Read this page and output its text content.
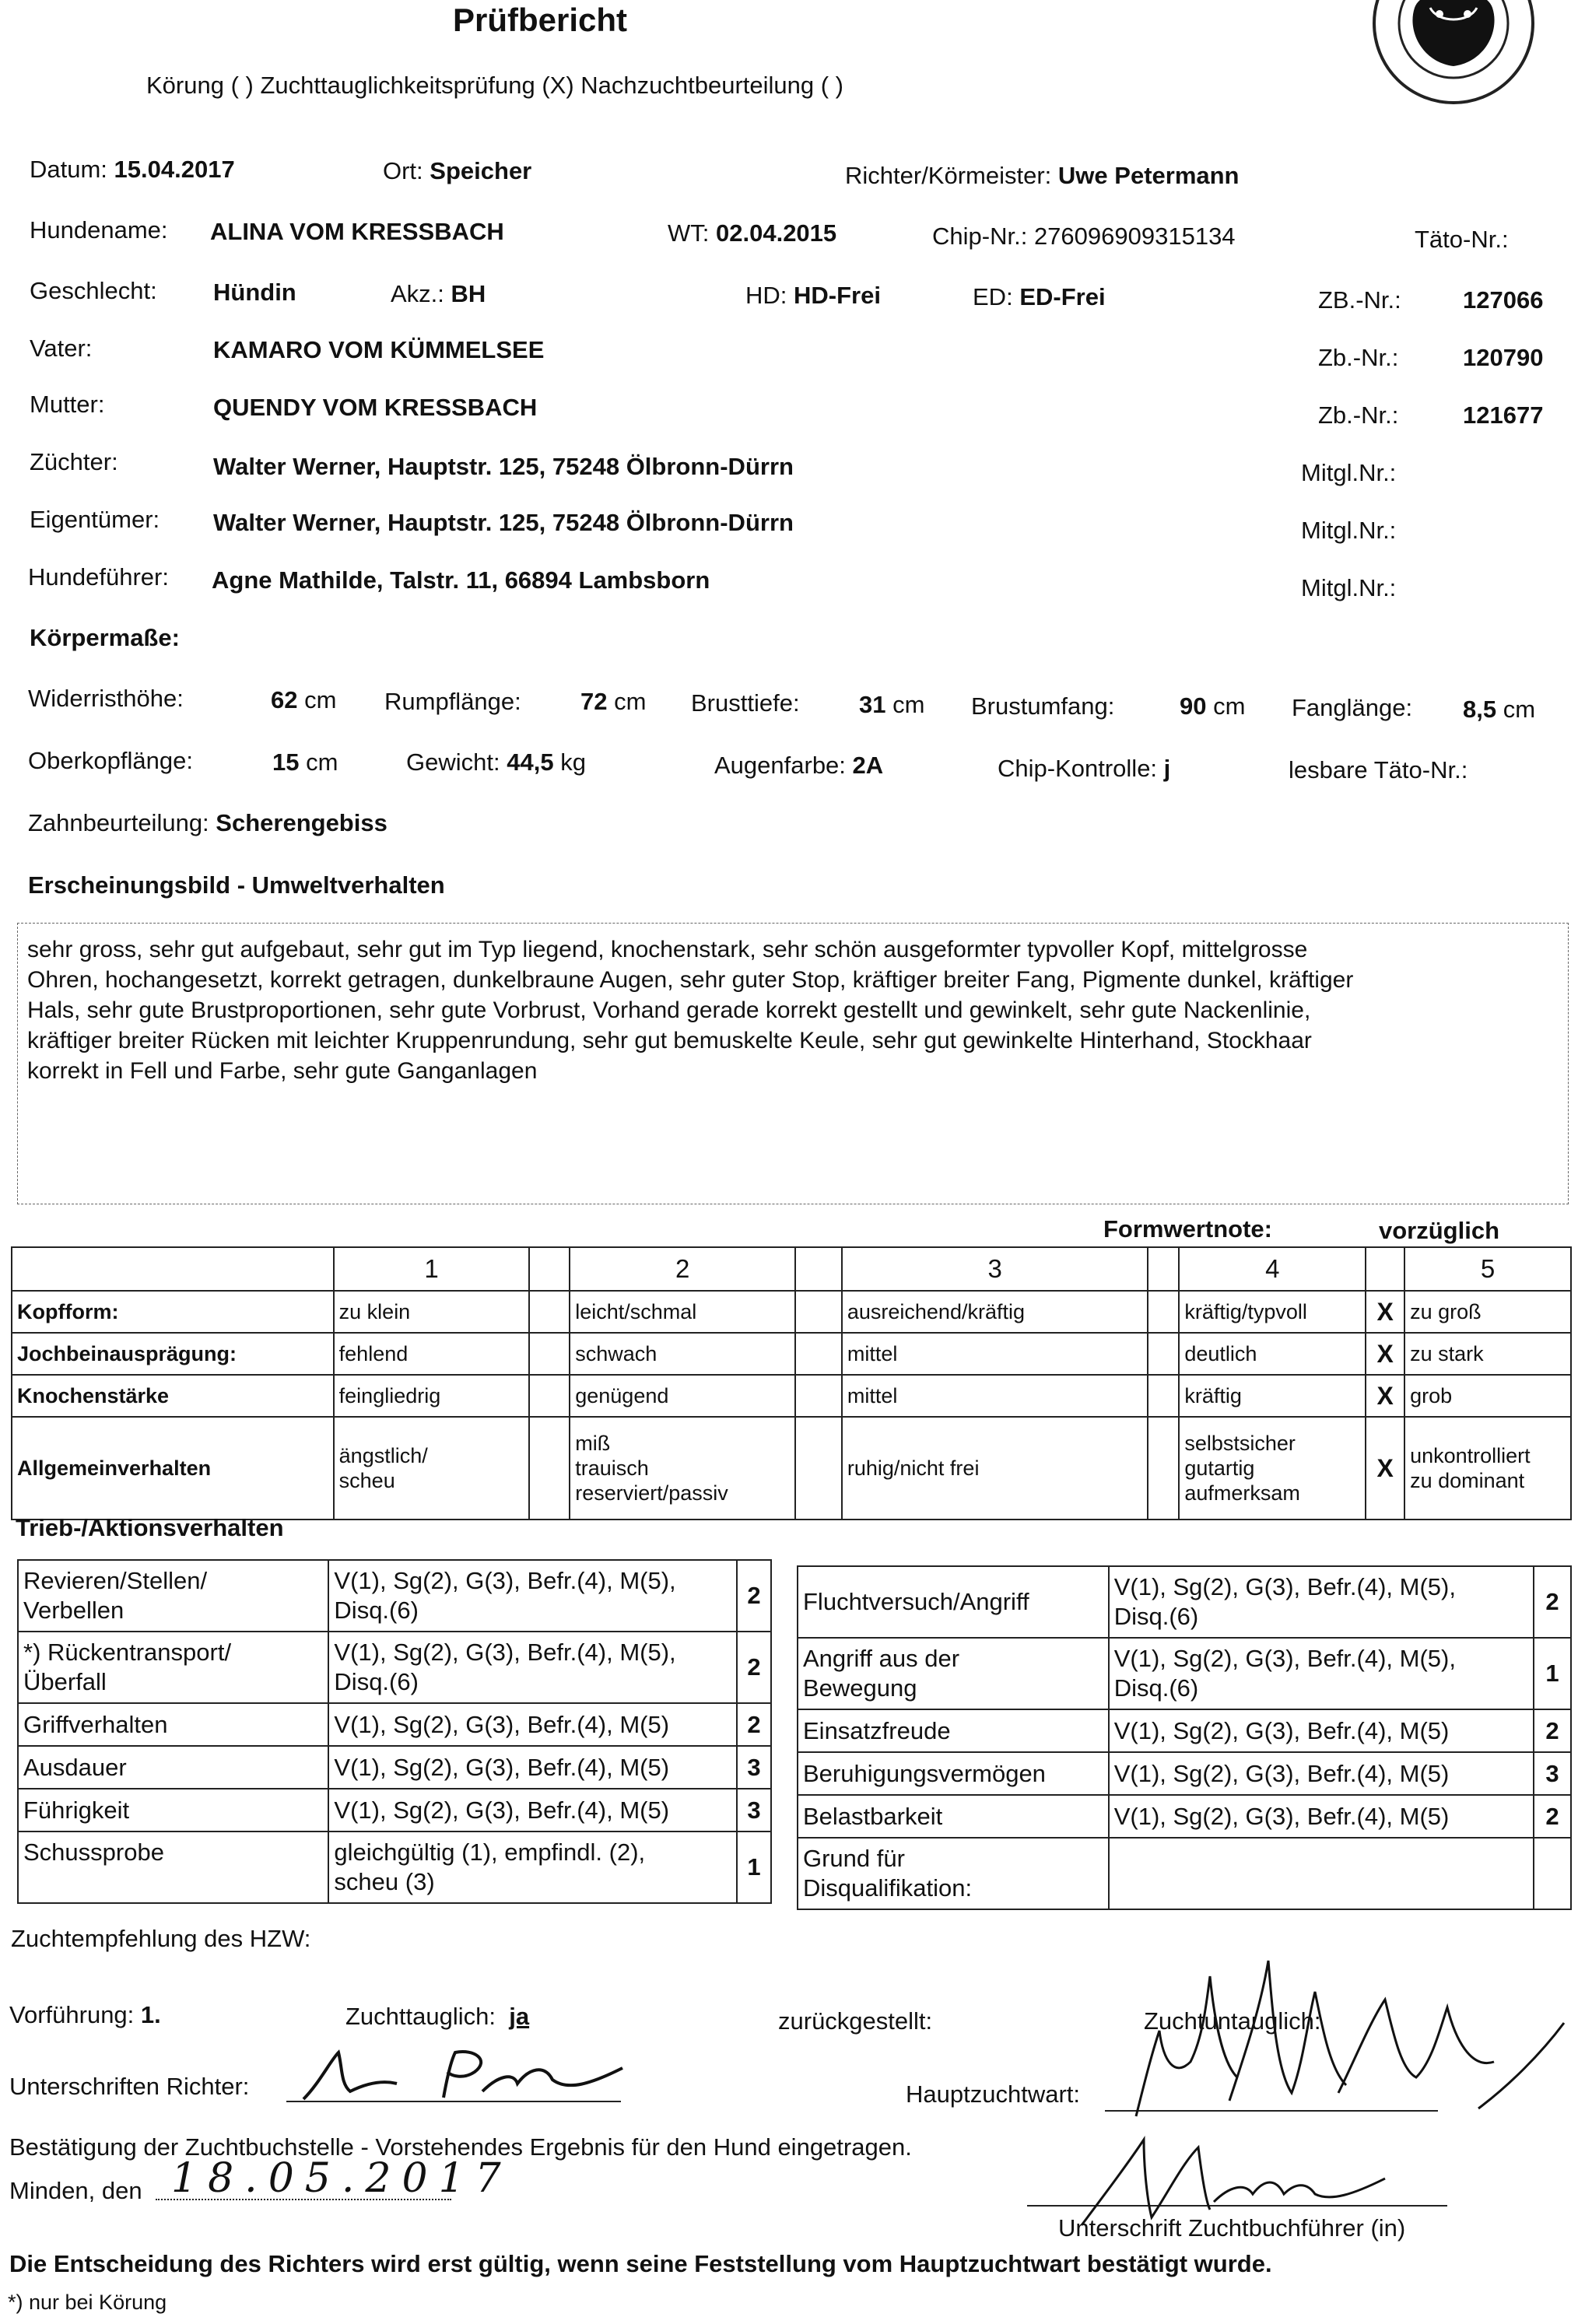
Prüfbericht
Körung ( ) Zuchttauglichkeitsprüfung (X) Nachzuchtbeurteilung ( )
Datum: 15.04.2017	Ort: Speicher	Richter/Körmeister: Uwe Petermann
Hundename: ALINA VOM KRESSBACH	WT: 02.04.2015	Chip-Nr.: 276096909315134	Täto-Nr.:
Geschlecht: Hündin	Akz.: BH	HD: HD-Frei	ED: ED-Frei	ZB.-Nr.:	127066
Vater:	KAMARO VOM KÜMMELSEE	Zb.-Nr.:	120790
Mutter:	QUENDY VOM KRESSBACH	Zb.-Nr.:	121677
Züchter:	Walter Werner, Hauptstr. 125, 75248 Ölbronn-Dürrn	Mitgl.Nr.:
Eigentümer: Walter Werner, Hauptstr. 125, 75248 Ölbronn-Dürrn	Mitgl.Nr.:
Hundeführer: Agne Mathilde, Talstr. 11, 66894 Lambsborn	Mitgl.Nr.:
Körpermaße:
Widerristhöhe:	62 cm Rumpflänge: 72 cm Brusttiefe: 31 cm Brustumfang:	90 cm Fanglänge: 8,5 cm
Oberkopflänge:	15 cm	Gewicht: 44,5 kg	Augenfarbe: 2A	Chip-Kontrolle: j	lesbare Täto-Nr.:
Zahnbeurteilung: Scherengebiss
Erscheinungsbild - Umweltverhalten
sehr gross, sehr gut aufgebaut, sehr gut im Typ liegend, knochenstark, sehr schön ausgeformter typvoller Kopf, mittelgrosse
Ohren, hochangesetzt, korrekt getragen, dunkelbraune Augen, sehr guter Stop, kräftiger breiter Fang, Pigmente dunkel, kräftiger
Hals, sehr gute Brustproportionen, sehr gute Vorbrust, Vorhand gerade korrekt gestellt und gewinkelt, sehr gute Nackenlinie,
kräftiger breiter Rücken mit leichter Kruppenrundung, sehr gut bemuskelte Keule, sehr gut gewinkelte Hinterhand, Stockhaar
korrekt in Fell und Farbe, sehr gute Ganganlagen
Formwertnote:	vorzüglich
	1		2		3		4		5
Kopfform:	zu klein		leicht/schmal		ausreichend/kräftig		kräftig/typvoll	X	zu groß
Jochbeinausprägung:	fehlend		schwach		mittel		deutlich	X	zu stark
Knochenstärke	feingliedrig		genügend		mittel		kräftig	X	grob
Allgemeinverhalten	ängstlich/
scheu		miß
trauisch
reserviert/passiv		ruhig/nicht frei		selbstsicher
gutartig
aufmerksam	X	unkontrolliert
zu dominant
Trieb-/Aktionsverhalten
Revieren/Stellen/
Verbellen	V(1), Sg(2), G(3), Befr.(4), M(5),
Disq.(6)	2
*) Rückentransport/
Überfall	V(1), Sg(2), G(3), Befr.(4), M(5),
Disq.(6)	2
Griffverhalten	V(1), Sg(2), G(3), Befr.(4), M(5)	2
Ausdauer	V(1), Sg(2), G(3), Befr.(4), M(5)	3
Führigkeit	V(1), Sg(2), G(3), Befr.(4), M(5)	3
Schussprobe	gleichgültig (1), empfindl. (2),
scheu (3)	1
Fluchtversuch/Angriff	V(1), Sg(2), G(3), Befr.(4), M(5),
Disq.(6)	2
Angriff aus der
Bewegung	V(1), Sg(2), G(3), Befr.(4), M(5),
Disq.(6)	1
Einsatzfreude	V(1), Sg(2), G(3), Befr.(4), M(5)	2
Beruhigungsvermögen	V(1), Sg(2), G(3), Befr.(4), M(5)	3
Belastbarkeit	V(1), Sg(2), G(3), Befr.(4), M(5)	2
Grund für
Disqualifikation:		
Zuchtempfehlung des HZW:
Vorführung: 1.	Zuchttauglich: ja	zurückgestellt:	Zuchtuntauglich:
Unterschriften Richter:	Hauptzuchtwart:
Bestätigung der Zuchtbuchstelle - Vorstehendes Ergebnis für den Hund eingetragen.
Minden, den 18.05.2017
Unterschrift Zuchtbuchführer (in)
Die Entscheidung des Richters wird erst gültig, wenn seine Feststellung vom Hauptzuchtwart bestätigt wurde.
*) nur bei Körung
